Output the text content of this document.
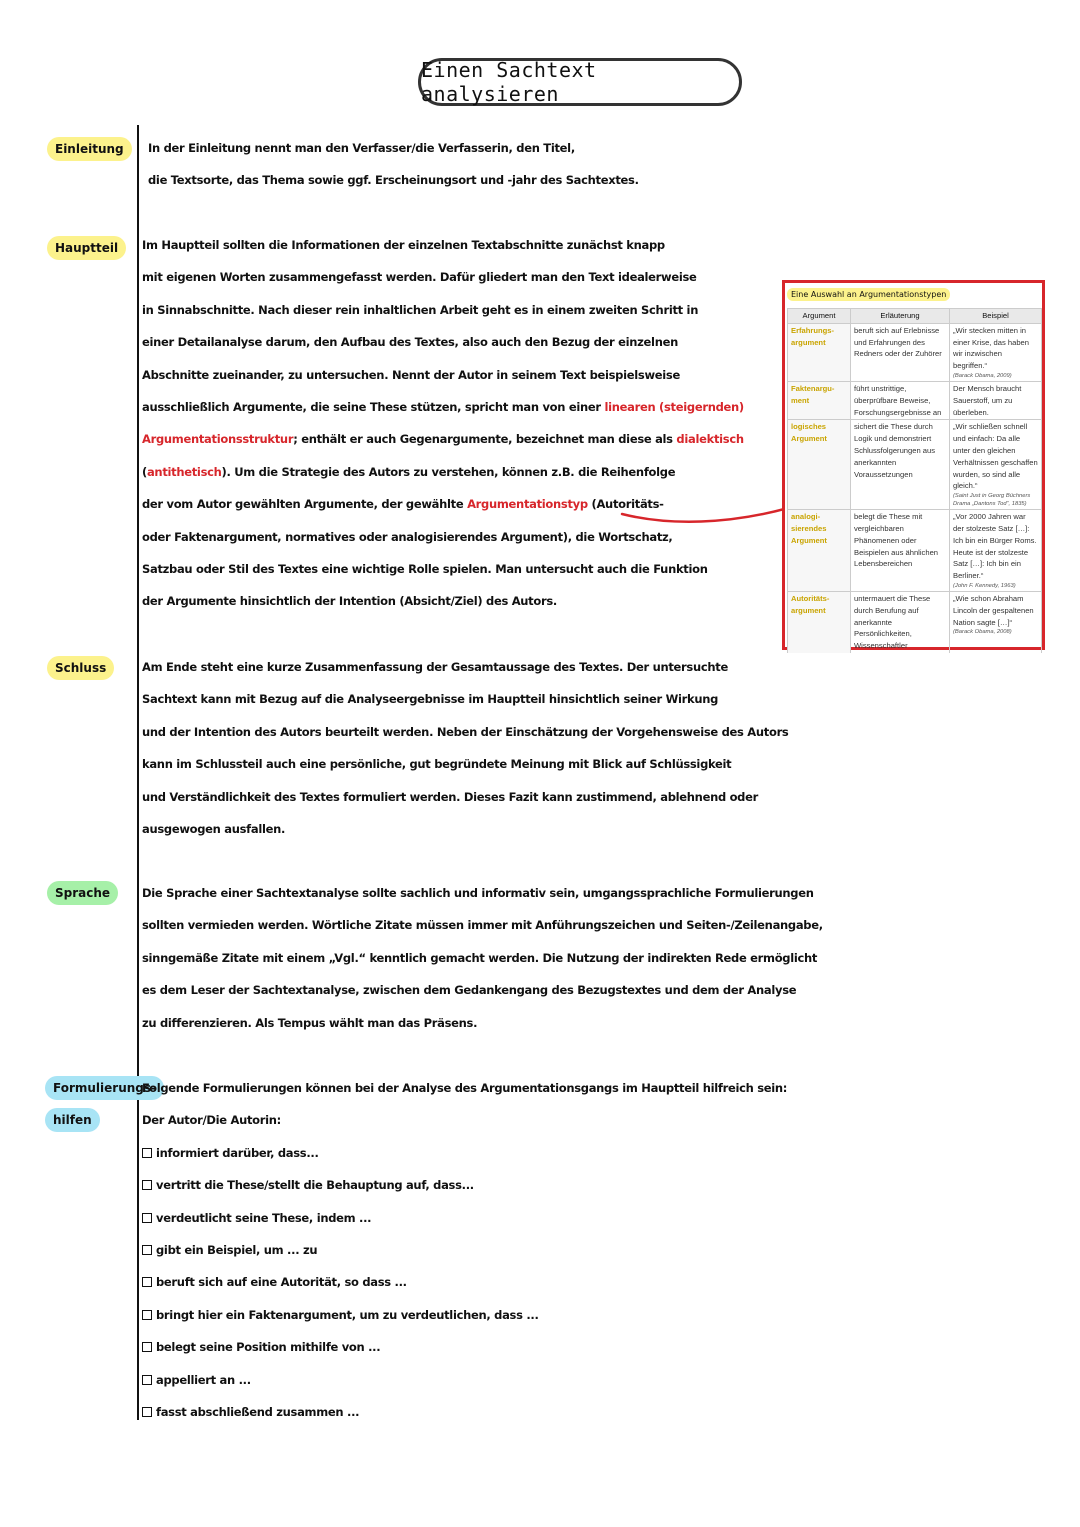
Einen Sachtext analysieren
Einleitung	In der Einleitung nennt man den Verfasser/die Verfasserin, den Titel,
die Textsorte, das Thema sowie ggf. Erscheinungsort und -jahr des Sachtextes.
Hauptteil	Im Hauptteil sollten die Informationen der einzelnen Textabschnitte zunächst knapp
mit eigenen Worten zusammengefasst werden. Dafür gliedert man den Text idealerweise
in Sinnabschnitte. Nach dieser rein inhaltlichen Arbeit geht es in einem zweiten Schritt in
einer Detailanalyse darum, den Aufbau des Textes, also auch den Bezug der einzelnen
Abschnitte zueinander, zu untersuchen. Nennt der Autor in seinem Text beispielsweise
ausschließlich Argumente, die seine These stützen, spricht man von einer linearen (steigernden)
Argumentationsstruktur; enthält er auch Gegenargumente, bezeichnet man diese als dialektisch
(antithetisch). Um die Strategie des Autors zu verstehen, können z.B. die Reihenfolge
der vom Autor gewählten Argumente, der gewählte Argumentationstyp (Autoritäts-
oder Faktenargument, normatives oder analogisierendes Argument), die Wortschatz,
Satzbau oder Stil des Textes eine wichtige Rolle spielen. Man untersucht auch die Funktion
der Argumente hinsichtlich der Intention (Absicht/Ziel) des Autors.
Schluss	Am Ende steht eine kurze Zusammenfassung der Gesamtaussage des Textes. Der untersuchte
Sachtext kann mit Bezug auf die Analyseergebnisse im Hauptteil hinsichtlich seiner Wirkung
und der Intention des Autors beurteilt werden. Neben der Einschätzung der Vorgehensweise des Autors
kann im Schlussteil auch eine persönliche, gut begründete Meinung mit Blick auf Schlüssigkeit
und Verständlichkeit des Textes formuliert werden. Dieses Fazit kann zustimmend, ablehnend oder
ausgewogen ausfallen.
Sprache	Die Sprache einer Sachtextanalyse sollte sachlich und informativ sein, umgangssprachliche Formulierungen
sollten vermieden werden. Wörtliche Zitate müssen immer mit Anführungszeichen und Seiten-/Zeilenangabe,
sinngemäße Zitate mit einem „Vgl.“ kenntlich gemacht werden. Die Nutzung der indirekten Rede ermöglicht
es dem Leser der Sachtextanalyse, zwischen dem Gedankengang des Bezugstextes und dem der Analyse
zu differenzieren. Als Tempus wählt man das Präsens.
Formulierungs-
hilfen
Folgende Formulierungen können bei der Analyse des Argumentationsgangs im Hauptteil hilfreich sein:
Der Autor/Die Autorin:
informiert darüber, dass...
vertritt die These/stellt die Behauptung auf, dass...
verdeutlicht seine These, indem ...
gibt ein Beispiel, um ... zu
beruft sich auf eine Autorität, so dass ...
bringt hier ein Faktenargument, um zu verdeutlichen, dass ...
belegt seine Position mithilfe von ...
appelliert an ...
fasst abschließend zusammen ...
Eine Auswahl an Argumentationstypen
Argument	Erläuterung	Beispiel
Erfahrungs-argument	beruft sich auf Erlebnisse und Erfahrungen des Redners oder der Zuhörer	„Wir stecken mitten in einer Krise, das haben wir inzwischen begriffen.“
(Barack Obama, 2009)

Faktenargu-ment	führt unstrittige, überprüfbare Beweise, Forschungsergebnisse an	Der Mensch braucht Sauerstoff, um zu überleben.

logisches Argument	sichert die These durch Logik und demonstriert Schlussfolgerungen aus anerkannten Voraussetzungen	„Wir schließen schnell und einfach: Da alle unter den gleichen Verhältnissen geschaffen wurden, so sind alle gleich.“
(Saint Just in Georg Büchners Drama „Dantons Tod“, 1835)

analogi-sierendes Argument	belegt die These mit vergleichbaren Phänomenen oder Beispielen aus ähnlichen Lebensbereichen	„Vor 2000 Jahren war der stolzeste Satz […]: Ich bin ein Bürger Roms. Heute ist der stolzeste Satz […]: Ich bin ein Berliner.“
(John F. Kennedy, 1963)

Autoritäts-argument	untermauert die These durch Berufung auf anerkannte Persönlichkeiten, Wissenschaftler	„Wie schon Abraham Lincoln der gespaltenen Nation sagte […]“
(Barack Obama, 2008)
